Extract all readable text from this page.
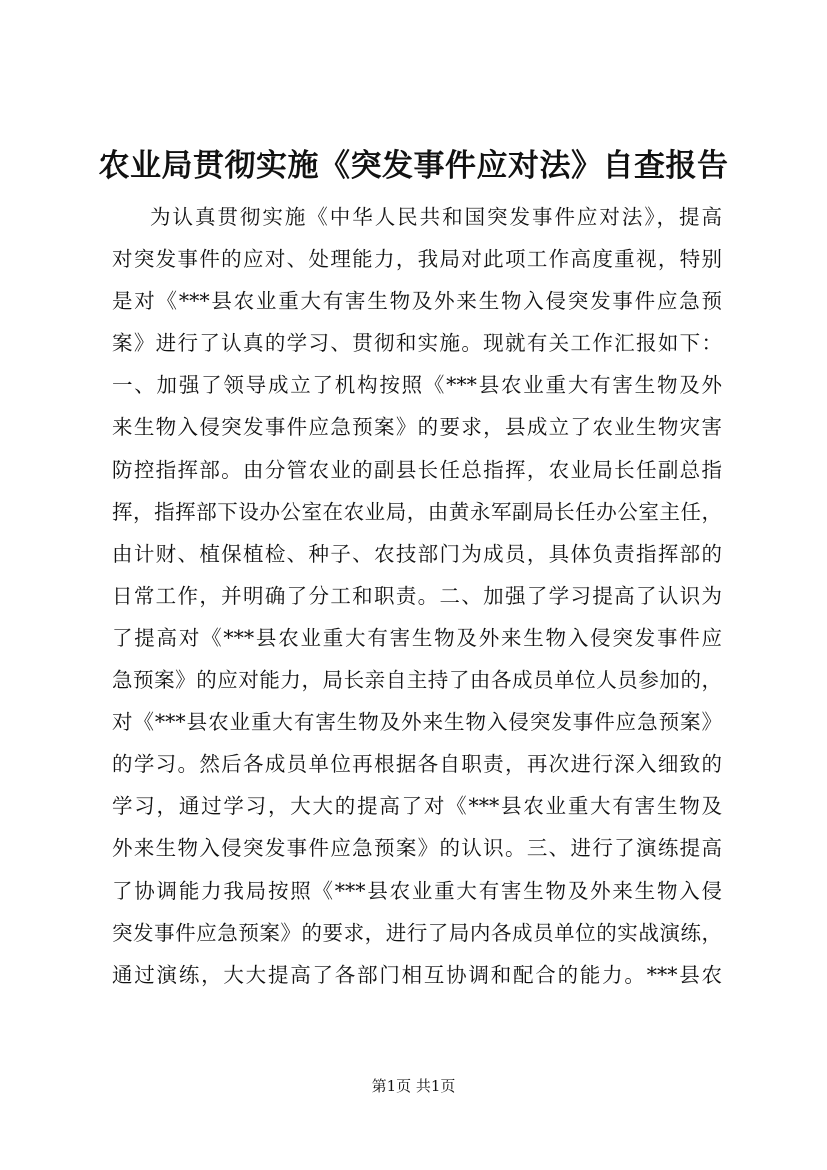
农业局贯彻实施《突发事件应对法》自查报告
为认真贯彻实施《中华人民共和国突发事件应对法》，提高
对突发事件的应对、处理能力，我局对此项工作高度重视，特别
是对《***县农业重大有害生物及外来生物入侵突发事件应急预
案》进行了认真的学习、贯彻和实施。现就有关工作汇报如下：
一、加强了领导成立了机构按照《***县农业重大有害生物及外
来生物入侵突发事件应急预案》的要求，县成立了农业生物灾害
防控指挥部。由分管农业的副县长任总指挥，农业局长任副总指
挥，指挥部下设办公室在农业局，由黄永军副局长任办公室主任，
由计财、植保植检、种子、农技部门为成员，具体负责指挥部的
日常工作，并明确了分工和职责。二、加强了学习提高了认识为
了提高对《***县农业重大有害生物及外来生物入侵突发事件应
急预案》的应对能力，局长亲自主持了由各成员单位人员参加的，
对《***县农业重大有害生物及外来生物入侵突发事件应急预案》
的学习。然后各成员单位再根据各自职责，再次进行深入细致的
学习，通过学习，大大的提高了对《***县农业重大有害生物及
外来生物入侵突发事件应急预案》的认识。三、进行了演练提高
了协调能力我局按照《***县农业重大有害生物及外来生物入侵
突发事件应急预案》的要求，进行了局内各成员单位的实战演练，
通过演练，大大提高了各部门相互协调和配合的能力。***县农
第1页 共1页
